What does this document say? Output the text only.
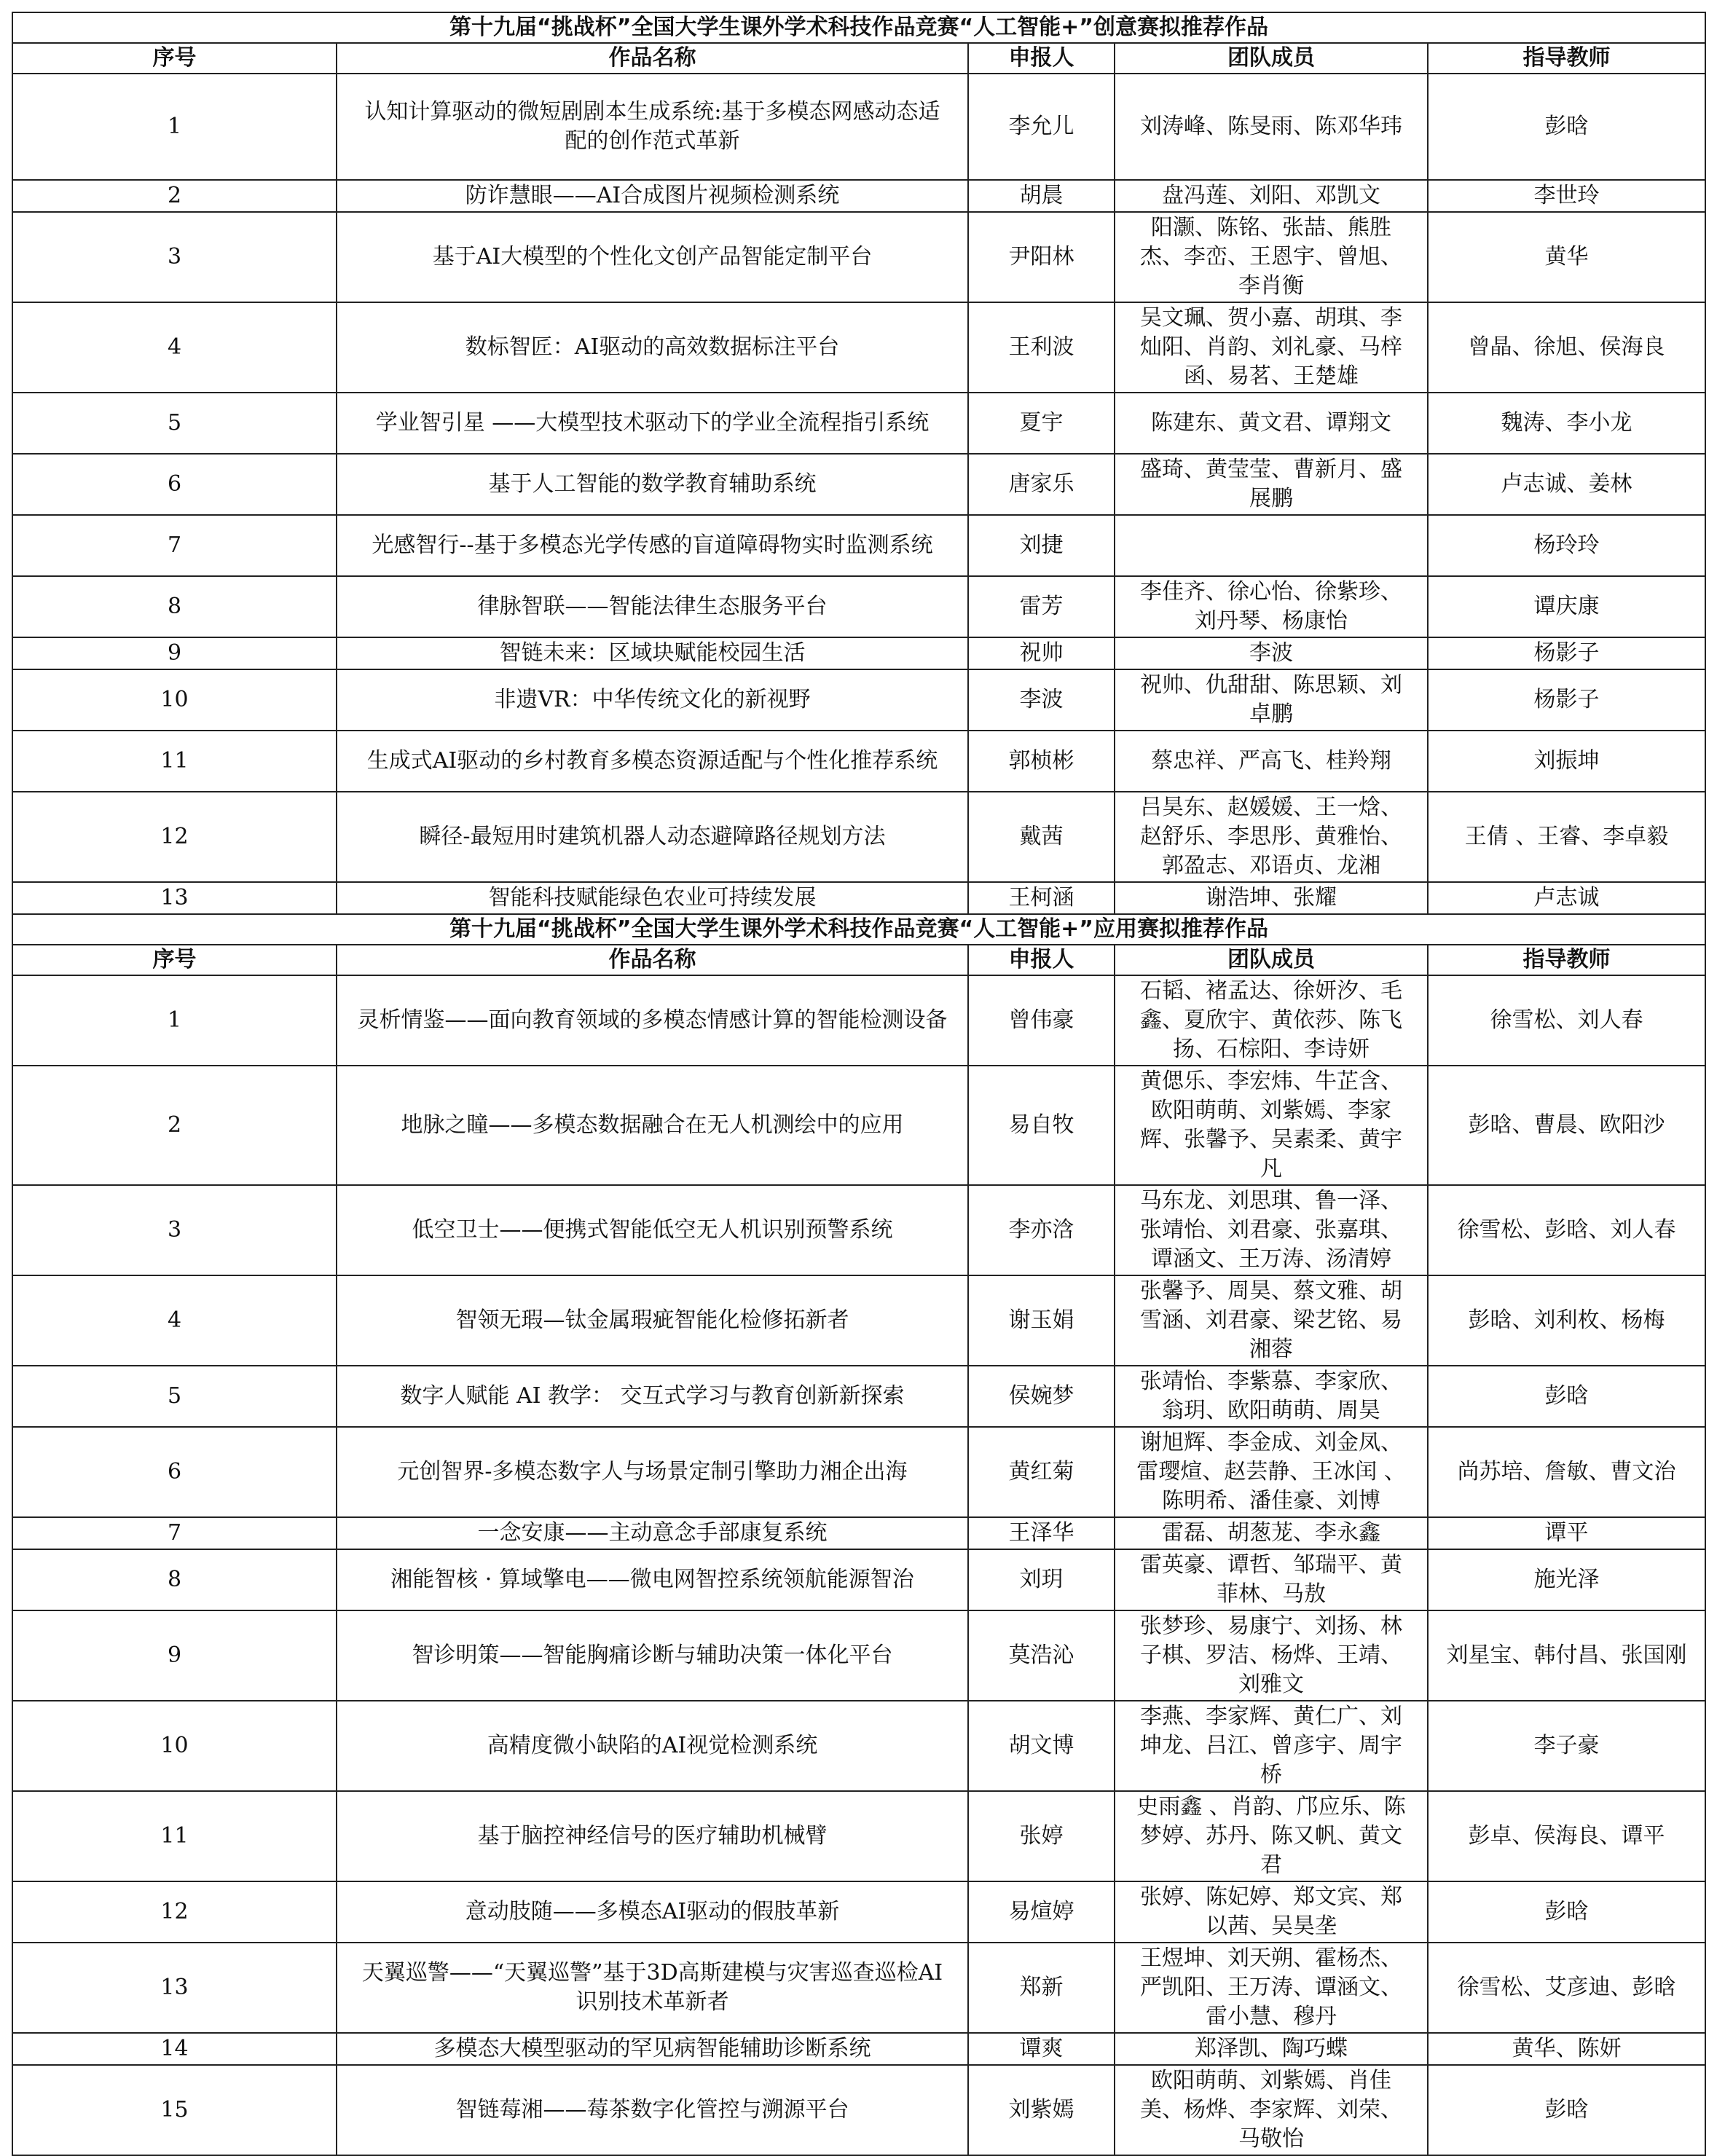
第十九届“挑战杯”全国大学生课外学术科技作品竞赛“人工智能+”创意赛拟推荐作品				
序号	作品名称	申报人	团队成员	指导教师
1	认知计算驱动的微短剧剧本生成系统:基于多模态网感动态适配的创作范式革新	李允儿	刘涛峰、陈旻雨、陈邓华玮	彭晗
2	防诈慧眼——AI合成图片视频检测系统	胡晨	盘冯莲、刘阳、邓凯文	李世玲
3	基于AI大模型的个性化文创产品智能定制平台	尹阳林	阳灏、陈铭、张喆、熊胜杰、李峦、王恩宇、曾旭、李肖衡	黄华
4	数标智匠：AI驱动的高效数据标注平台	王利波	吴文珮、贺小嘉、胡琪、李灿阳、肖韵、刘礼豪、马梓函、易茗、王楚雄	曾晶、徐旭、侯海良
5	学业智引星 ——大模型技术驱动下的学业全流程指引系统	夏宇	陈建东、黄文君、谭翔文	魏涛、李小龙
6	基于人工智能的数学教育辅助系统	唐家乐	盛琦、黄莹莹、曹新月、盛展鹏	卢志诚、姜林
7	光感智行--基于多模态光学传感的盲道障碍物实时监测系统	刘捷		杨玲玲
8	律脉智联——智能法律生态服务平台	雷芳	李佳齐、徐心怡、徐紫珍、刘丹琴、杨康怡	谭庆康
9	智链未来：区域块赋能校园生活	祝帅	李波	杨影子
10	非遗VR：中华传统文化的新视野	李波	祝帅、仇甜甜、陈思颖、刘卓鹏	杨影子
11	生成式AI驱动的乡村教育多模态资源适配与个性化推荐系统	郭桢彬	蔡忠祥、严高飞、桂羚翔	刘振坤
12	瞬径-最短用时建筑机器人动态避障路径规划方法	戴茜	吕昊东、赵媛媛、王一焓、赵舒乐、李思彤、黄雅怡、郭盈志、邓语贞、龙湘	王倩 、王睿、李卓毅
13	智能科技赋能绿色农业可持续发展	王柯涵	谢浩坤、张耀	卢志诚
第十九届“挑战杯”全国大学生课外学术科技作品竞赛“人工智能+”应用赛拟推荐作品				
序号	作品名称	申报人	团队成员	指导教师
1	灵析情鉴——面向教育领域的多模态情感计算的智能检测设备	曾伟豪	石韬、褚孟达、徐妍汐、毛鑫、夏欣宇、黄依莎、陈飞扬、石棕阳、李诗妍	徐雪松、刘人春
2	地脉之瞳——多模态数据融合在无人机测绘中的应用	易自牧	黄偲乐、李宏炜、牛芷含、欧阳萌萌、刘紫嫣、李家辉、张馨予、吴素柔、黄宇凡	彭晗、曹晨、欧阳沙
3	低空卫士——便携式智能低空无人机识别预警系统	李亦浛	马东龙、刘思琪、鲁一泽、张靖怡、刘君豪、张嘉琪、谭涵文、王万涛、汤清婷	徐雪松、彭晗、刘人春
4	智领无瑕—钛金属瑕疵智能化检修拓新者	谢玉娟	张馨予、周昊、蔡文雅、胡雪涵、刘君豪、梁艺铭、易湘蓉	彭晗、刘利枚、杨梅
5	数字人赋能 AI 教学： 交互式学习与教育创新新探索	侯婉梦	张靖怡、李紫慕、李家欣、翁玥、欧阳萌萌、周昊	彭晗
6	元创智界-多模态数字人与场景定制引擎助力湘企出海	黄红菊	谢旭辉、李金成、刘金凤、雷璎煊、赵芸静、王冰闰 、陈明希、潘佳豪、刘博	尚苏培、詹敏、曹文治
7	一念安康——主动意念手部康复系统	王泽华	雷磊、胡葱茏、李永鑫	谭平
8	湘能智核 · 算域擎电——微电网智控系统领航能源智治	刘玥	雷英豪、谭哲、邹瑞平、黄菲林、马敖	施光泽
9	智诊明策——智能胸痛诊断与辅助决策一体化平台	莫浩沁	张梦珍、易康宁、刘扬、林子棋、罗洁、杨烨、王靖、刘雅文	刘星宝、韩付昌、张国刚
10	高精度微小缺陷的AI视觉检测系统	胡文博	李燕、李家辉、黄仁广、刘坤龙、吕江、曾彦宇、周宇桥	李子豪
11	基于脑控神经信号的医疗辅助机械臂	张婷	史雨鑫 、肖韵、邝应乐、陈梦婷、苏丹、陈又帆、黄文君	彭卓、侯海良、谭平
12	意动肢随——多模态AI驱动的假肢革新	易煊婷	张婷、陈妃婷、郑文宾、郑以茜、吴昊垄	彭晗
13	天翼巡警——“天翼巡警”基于3D高斯建模与灾害巡查巡检AI识别技术革新者	郑新	王煜坤、刘天朔、霍杨杰、严凯阳、王万涛、谭涵文、雷小慧、穆丹	徐雪松、艾彦迪、彭晗
14	多模态大模型驱动的罕见病智能辅助诊断系统	谭爽	郑泽凯、陶巧蝶	黄华、陈妍
15	智链莓湘——莓茶数字化管控与溯源平台	刘紫嫣	欧阳萌萌、刘紫嫣、肖佳美、杨烨、李家辉、刘荣、马敬怡	彭晗
